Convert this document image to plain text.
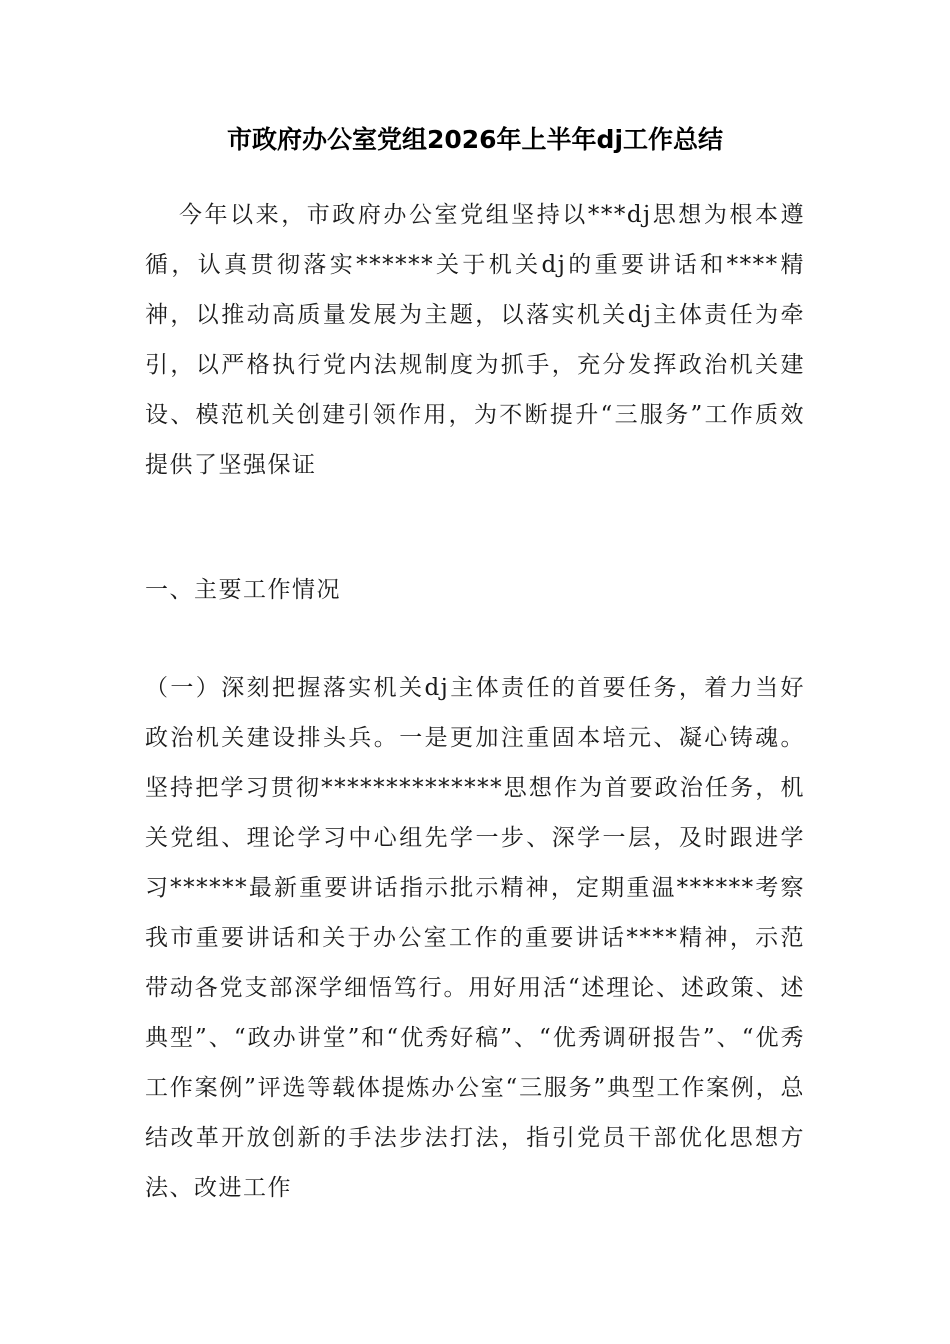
市政府办公室党组2026年上半年dj工作总结

今年以来，市政府办公室党组坚持以***dj思想为根本遵循，认真贯彻落实******关于机关dj的重要讲话和****精神，以推动高质量发展为主题，以落实机关dj主体责任为牵引，以严格执行党内法规制度为抓手，充分发挥政治机关建设、模范机关创建引领作用，为不断提升“三服务”工作质效提供了坚强保证

一、主要工作情况

（一）深刻把握落实机关dj主体责任的首要任务，着力当好政治机关建设排头兵。一是更加注重固本培元、凝心铸魂。坚持把学习贯彻**************思想作为首要政治任务，机关党组、理论学习中心组先学一步、深学一层，及时跟进学习******最新重要讲话指示批示精神，定期重温******考察我市重要讲话和关于办公室工作的重要讲话****精神，示范带动各党支部深学细悟笃行。用好用活“述理论、述政策、述典型”、“政办讲堂”和“优秀好稿”、“优秀调研报告”、“优秀工作案例”评选等载体提炼办公室“三服务”典型工作案例，总结改革开放创新的手法步法打法，指引党员干部优化思想方法、改进工作
